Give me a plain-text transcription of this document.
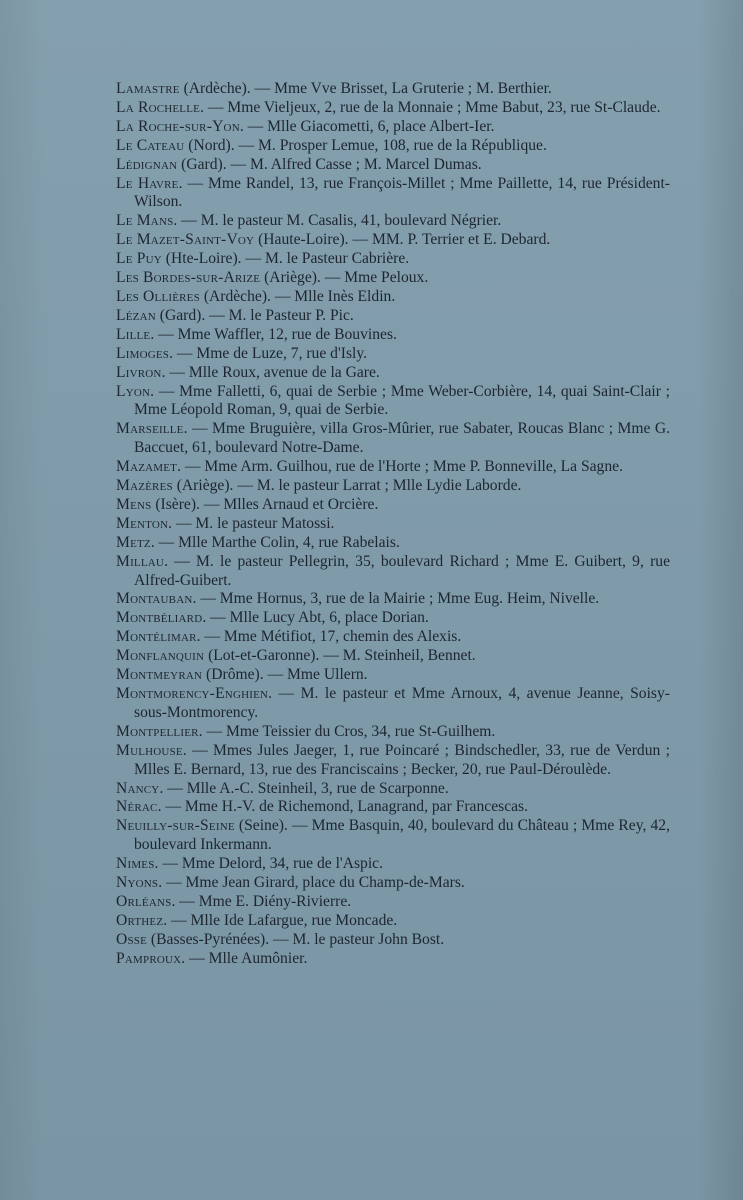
Lamastre (Ardèche). — Mme Vve Brisset, La Gruterie ; M. Berthier.
La Rochelle. — Mme Vieljeux, 2, rue de la Monnaie ; Mme Babut, 23, rue St-Claude.
La Roche-sur-Yon. — Mlle Giacometti, 6, place Albert-Ier.
Le Cateau (Nord). — M. Prosper Lemue, 108, rue de la République.
Lédignan (Gard). — M. Alfred Casse ; M. Marcel Dumas.
Le Havre. — Mme Randel, 13, rue François-Millet ; Mme Paillette, 14, rue Président-Wilson.
Le Mans. — M. le pasteur M. Casalis, 41, boulevard Négrier.
Le Mazet-Saint-Voy (Haute-Loire). — MM. P. Terrier et E. Debard.
Le Puy (Hte-Loire). — M. le Pasteur Cabrière.
Les Bordes-sur-Arize (Ariège). — Mme Peloux.
Les Ollières (Ardèche). — Mlle Inès Eldin.
Lézan (Gard). — M. le Pasteur P. Pic.
Lille. — Mme Waffler, 12, rue de Bouvines.
Limoges. — Mme de Luze, 7, rue d'Isly.
Livron. — Mlle Roux, avenue de la Gare.
Lyon. — Mme Falletti, 6, quai de Serbie ; Mme Weber-Corbière, 14, quai Saint-Clair ; Mme Léopold Roman, 9, quai de Serbie.
Marseille. — Mme Bruguière, villa Gros-Mûrier, rue Sabater, Roucas Blanc ; Mme G. Baccuet, 61, boulevard Notre-Dame.
Mazamet. — Mme Arm. Guilhou, rue de l'Horte ; Mme P. Bonneville, La Sagne.
Mazères (Ariège). — M. le pasteur Larrat ; Mlle Lydie Laborde.
Mens (Isère). — Mlles Arnaud et Orcière.
Menton. — M. le pasteur Matossi.
Metz. — Mlle Marthe Colin, 4, rue Rabelais.
Millau. — M. le pasteur Pellegrin, 35, boulevard Richard ; Mme E. Guibert, 9, rue Alfred-Guibert.
Montauban. — Mme Hornus, 3, rue de la Mairie ; Mme Eug. Heim, Nivelle.
Montbéliard. — Mlle Lucy Abt, 6, place Dorian.
Montélimar. — Mme Métifiot, 17, chemin des Alexis.
Monflanquin (Lot-et-Garonne). — M. Steinheil, Bennet.
Montmeyran (Drôme). — Mme Ullern.
Montmorency-Enghien. — M. le pasteur et Mme Arnoux, 4, avenue Jeanne, Soisy-sous-Montmorency.
Montpellier. — Mme Teissier du Cros, 34, rue St-Guilhem.
Mulhouse. — Mmes Jules Jaeger, 1, rue Poincaré ; Bindschedler, 33, rue de Verdun ; Mlles E. Bernard, 13, rue des Franciscains ; Becker, 20, rue Paul-Déroulède.
Nancy. — Mlle A.-C. Steinheil, 3, rue de Scarponne.
Nérac. — Mme H.-V. de Richemond, Lanagrand, par Francescas.
Neuilly-sur-Seine (Seine). — Mme Basquin, 40, boulevard du Château ; Mme Rey, 42, boulevard Inkermann.
Nimes. — Mme Delord, 34, rue de l'Aspic.
Nyons. — Mme Jean Girard, place du Champ-de-Mars.
Orléans. — Mme E. Diény-Rivierre.
Orthez. — Mlle Ide Lafargue, rue Moncade.
Osse (Basses-Pyrénées). — M. le pasteur John Bost.
Pamproux. — Mlle Aumônier.
